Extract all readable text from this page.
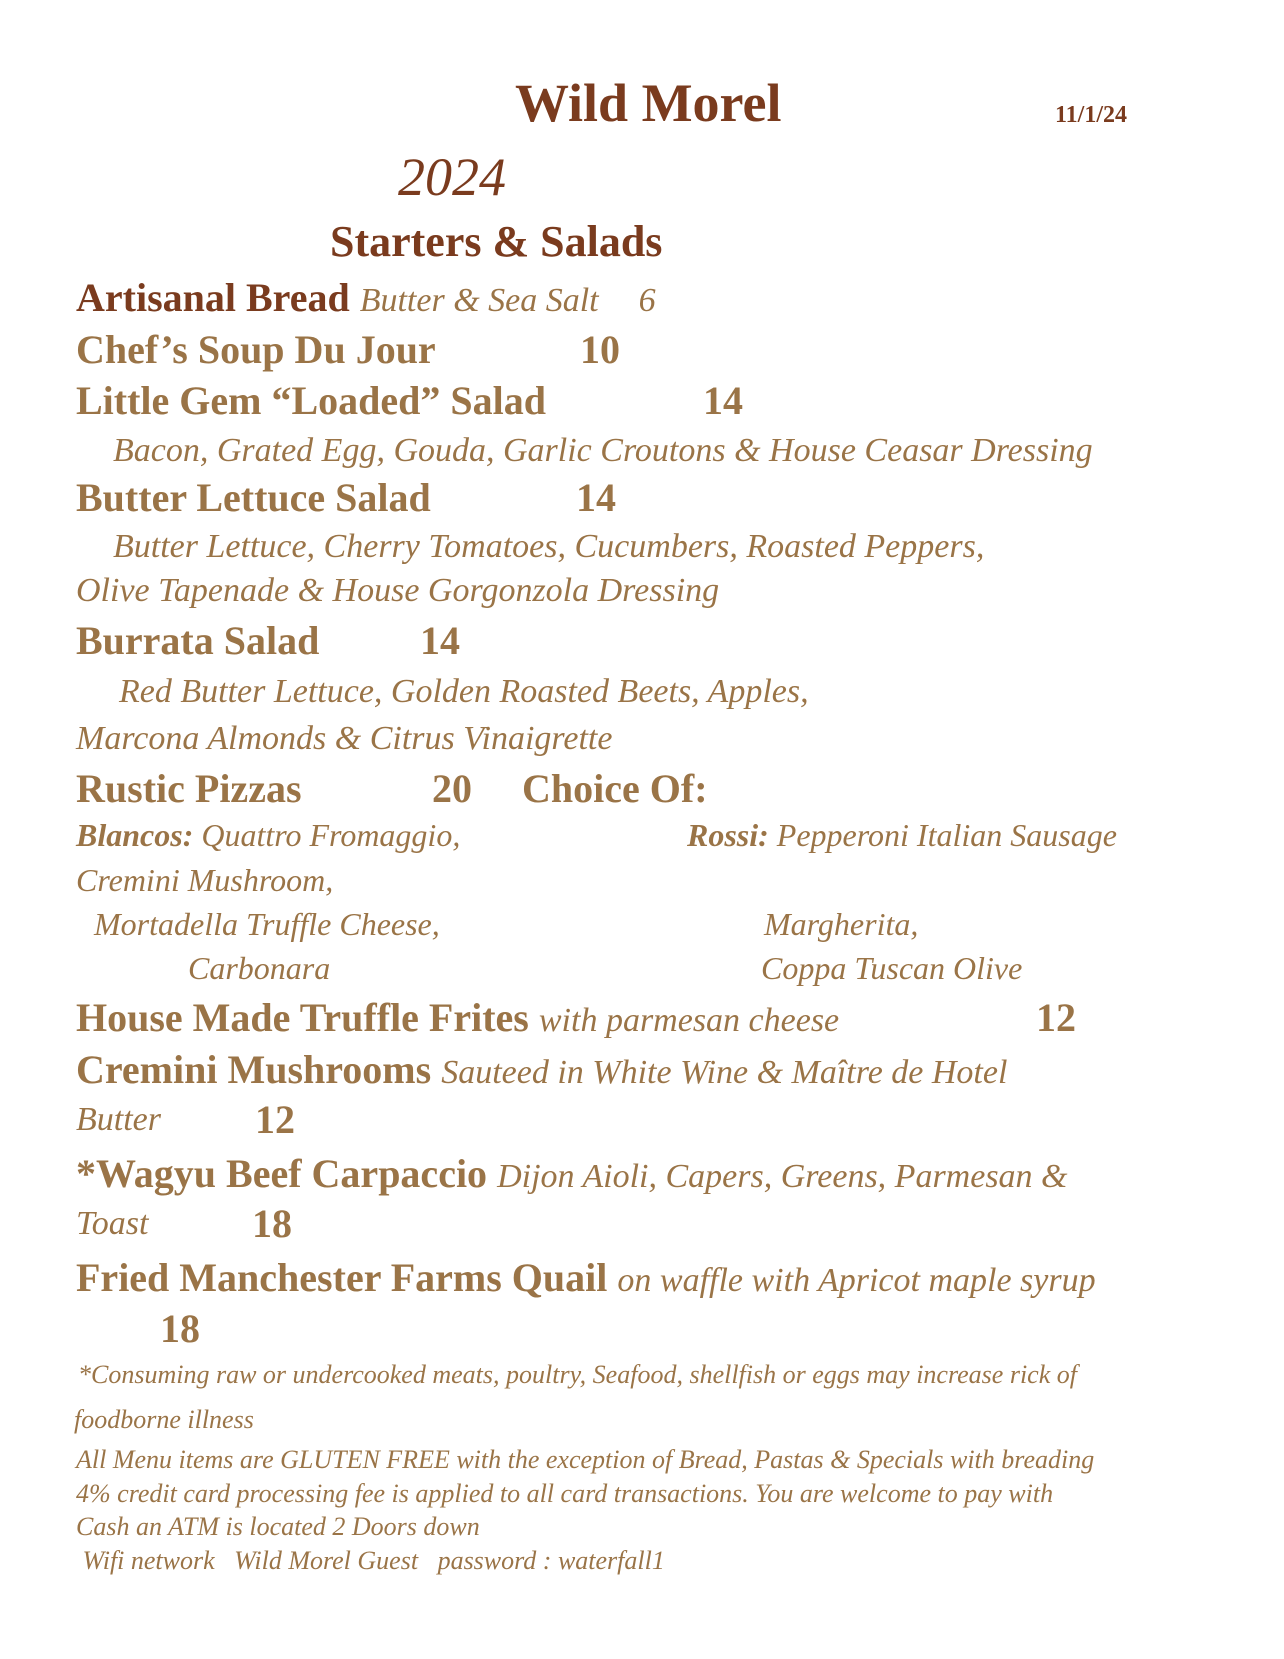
Wild Morel	11/1/24
2024
Starters & Salads
Artisanal Bread Butter & Sea Salt 6
Chef’s Soup Du Jour	10
Little Gem “Loaded” Salad	14
Bacon, Grated Egg, Gouda, Garlic Croutons & House Ceasar Dressing
Butter Lettuce Salad	14
Butter Lettuce, Cherry Tomatoes, Cucumbers, Roasted Peppers,
Olive Tapenade & House Gorgonzola Dressing
Burrata Salad	14
Red Butter Lettuce, Golden Roasted Beets, Apples,
Marcona Almonds & Citrus Vinaigrette
Rustic Pizzas	20 Choice Of:
Blancos: Quattro Fromaggio,	Rossi: Pepperoni Italian Sausage
Cremini Mushroom,
Mortadella Truffle Cheese,	Margherita,
Carbonara	Coppa Tuscan Olive
House Made Truffle Frites with parmesan cheese	12
Cremini Mushrooms Sauteed in White Wine & Maître de Hotel
Butter 12
*Wagyu Beef Carpaccio Dijon Aioli, Capers, Greens, Parmesan &
Toast	18
Fried Manchester Farms Quail on waffle with Apricot maple syrup
18
*Consuming raw or undercooked meats, poultry, Seafood, shellfish or eggs may increase rick of
foodborne illness
All Menu items are GLUTEN FREE with the exception of Bread, Pastas & Specials with breading
4% credit card processing fee is applied to all card transactions. You are welcome to pay with
Cash an ATM is located 2 Doors down
Wifi network   Wild Morel Guest   password : waterfall1
